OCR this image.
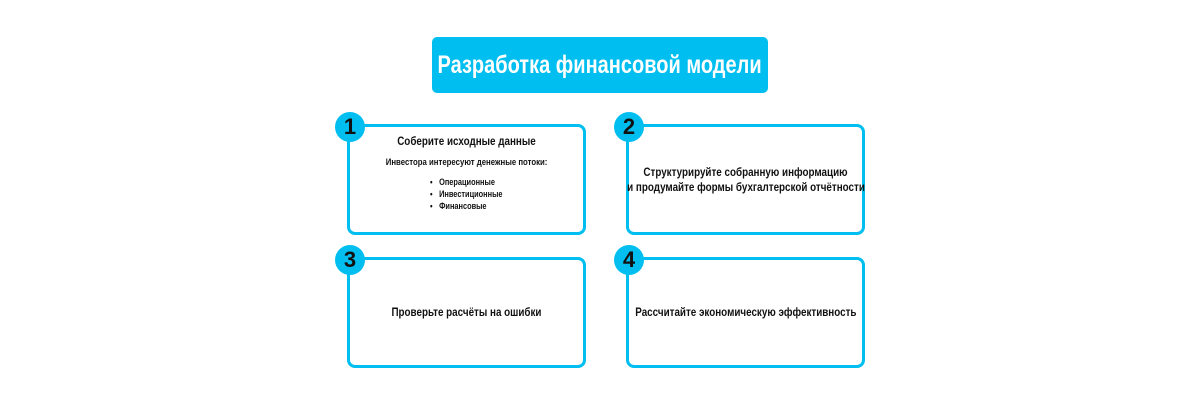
Разработка финансовой модели
Соберите исходные данные
Инвестора интересуют денежные потоки:
• Операционные
• Инвестиционные
• Финансовые
1
Структурируйте собранную информацию
и продумайте формы бухгалтерской отчётности
2
Проверьте расчёты на ошибки
3
Рассчитайте экономическую эффективность
4
